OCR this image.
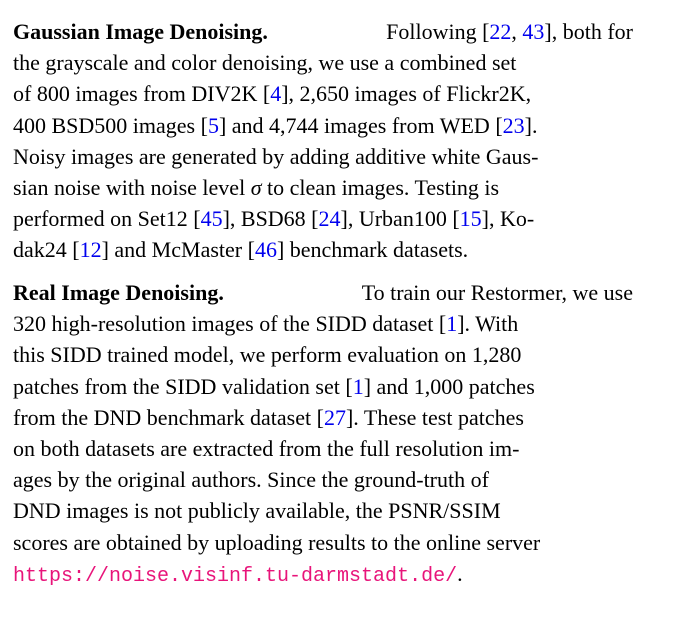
Gaussian Image Denoising.	Following [22, 43], both for
the grayscale and color denoising, we use a combined set
of 800 images from DIV2K [4], 2,650 images of Flickr2K,
400 BSD500 images [5] and 4,744 images from WED [23].
Noisy images are generated by adding additive white Gaus-
sian noise with noise level σ to clean images. Testing is
performed on Set12 [45], BSD68 [24], Urban100 [15], Ko-
dak24 [12] and McMaster [46] benchmark datasets.
Real Image Denoising.	To train our Restormer, we use
320 high-resolution images of the SIDD dataset [1]. With
this SIDD trained model, we perform evaluation on 1,280
patches from the SIDD validation set [1] and 1,000 patches
from the DND benchmark dataset [27]. These test patches
on both datasets are extracted from the full resolution im-
ages by the original authors. Since the ground-truth of
DND images is not publicly available, the PSNR/SSIM
scores are obtained by uploading results to the online server
https://noise.visinf.tu-darmstadt.de/.
